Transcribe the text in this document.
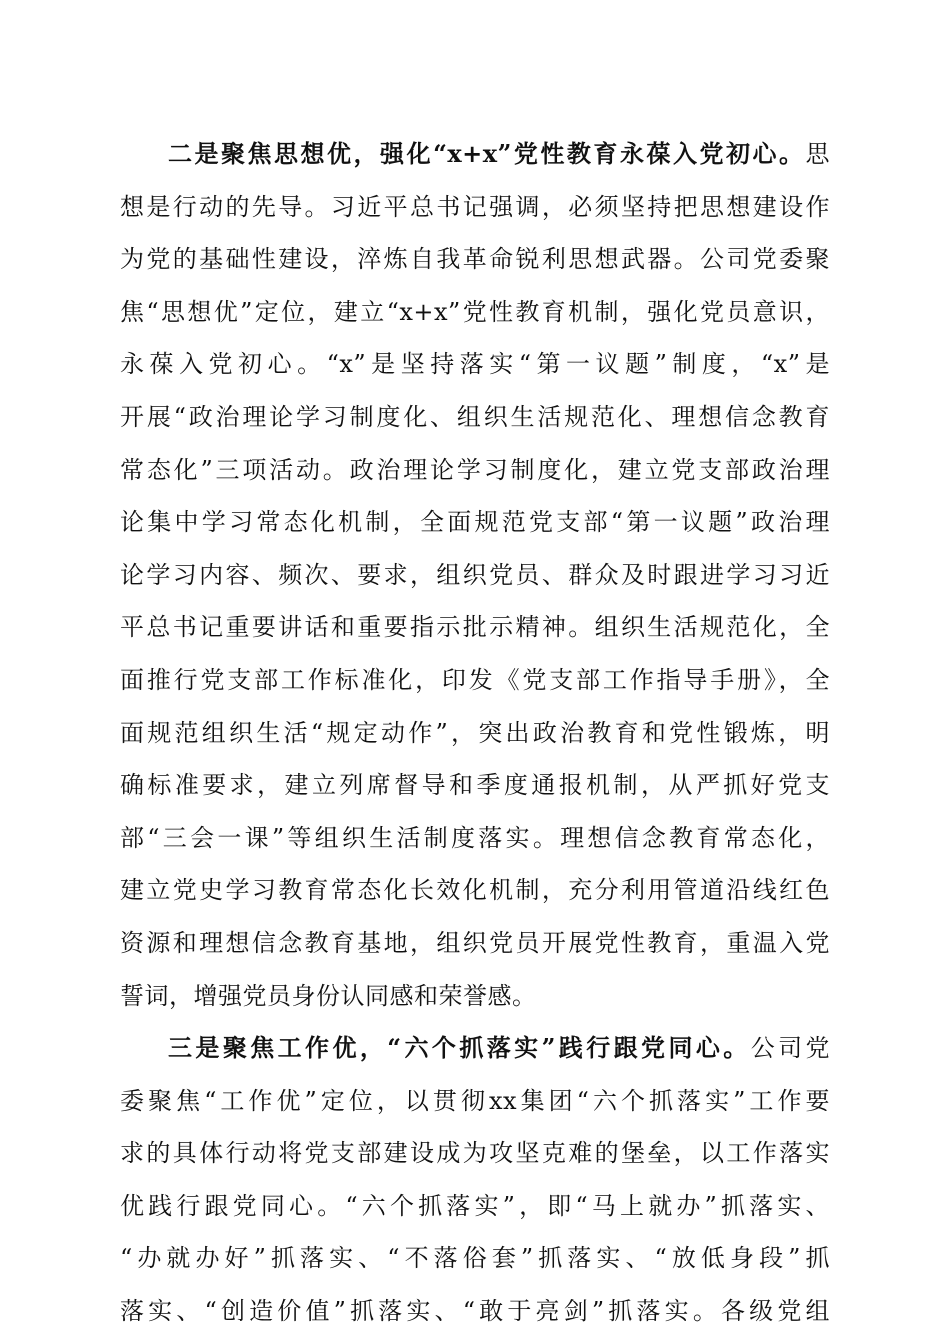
二是聚焦思想优，强化“x+x”党性教育永葆入党初心。思
想是行动的先导。习近平总书记强调，必须坚持把思想建设作
为党的基础性建设，淬炼自我革命锐利思想武器。公司党委聚
焦“思想优”定位，建立“x+x”党性教育机制，强化党员意识，
永葆入党初心。“x”是坚持落实“第一议题”制度，“x”是
开展“政治理论学习制度化、组织生活规范化、理想信念教育
常态化”三项活动。政治理论学习制度化，建立党支部政治理
论集中学习常态化机制，全面规范党支部“第一议题”政治理
论学习内容、频次、要求，组织党员、群众及时跟进学习习近
平总书记重要讲话和重要指示批示精神。组织生活规范化，全
面推行党支部工作标准化，印发《党支部工作指导手册》，全
面规范组织生活“规定动作”，突出政治教育和党性锻炼，明
确标准要求，建立列席督导和季度通报机制，从严抓好党支
部“三会一课”等组织生活制度落实。理想信念教育常态化，
建立党史学习教育常态化长效化机制，充分利用管道沿线红色
资源和理想信念教育基地，组织党员开展党性教育，重温入党
誓词，增强党员身份认同感和荣誉感。
三是聚焦工作优，“六个抓落实”践行跟党同心。公司党
委聚焦“工作优”定位，以贯彻xx集团“六个抓落实”工作要
求的具体行动将党支部建设成为攻坚克难的堡垒，以工作落实
优践行跟党同心。“六个抓落实”，即“马上就办”抓落实、
“办就办好”抓落实、“不落俗套”抓落实、“放低身段”抓
落实、“创造价值”抓落实、“敢于亮剑”抓落实。各级党组
